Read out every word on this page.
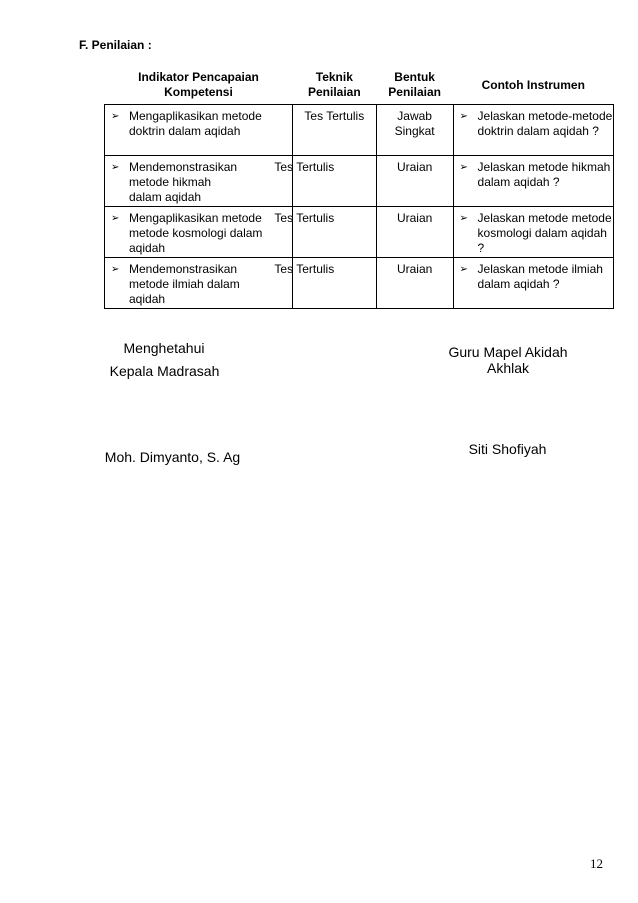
F. Penilaian :
Indikator Pencapaian Kompetensi	Teknik Penilaian	Bentuk Penilaian	Contoh Instrumen

➢ Mengaplikasikan metode doktrin dalam aqidah	Tes Tertulis	Jawab Singkat	➢ Jelaskan metode-metode doktrin dalam aqidah ?

➢ Mendemonstrasikan metode hikmah dalam aqidah	Tes Tertulis	Uraian	➢ Jelaskan metode hikmah dalam aqidah ?

➢ Mengaplikasikan metode metode kosmologi dalam aqidah	Tes Tertulis	Uraian	➢ Jelaskan metode metode kosmologi dalam aqidah ?

➢ Mendemonstrasikan metode ilmiah dalam aqidah	Tes Tertulis	Uraian	➢ Jelaskan metode ilmiah dalam aqidah ?
Menghetahui
Kepala Madrasah
Moh. Dimyanto, S. Ag
Guru Mapel Akidah
Akhlak
Siti Shofiyah
12
